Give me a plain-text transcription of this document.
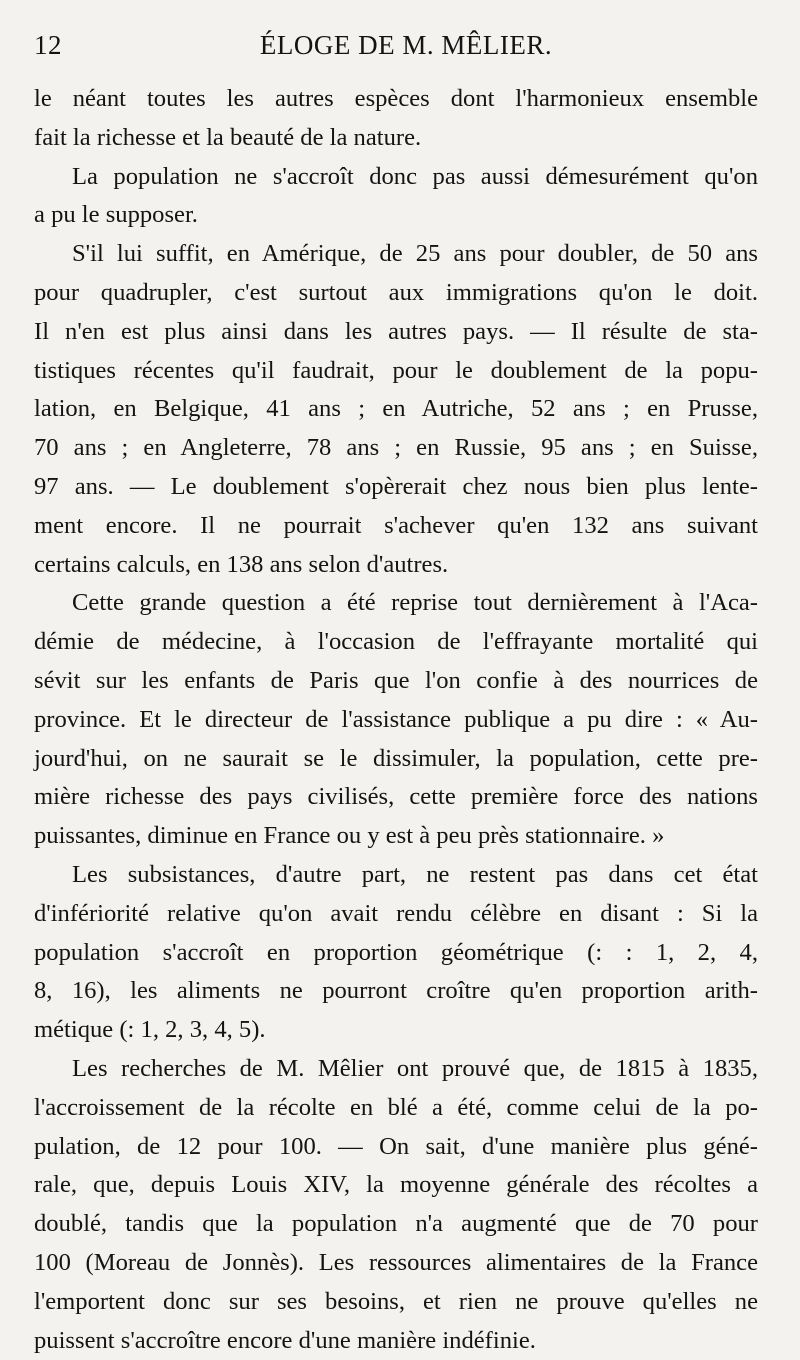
12	ÉLOGE DE M. MÊLIER.
le néant toutes les autres espèces dont l'harmonieux ensemble
fait la richesse et la beauté de la nature.
La population ne s'accroît donc pas aussi démesurément qu'on
a pu le supposer.
S'il lui suffit, en Amérique, de 25 ans pour doubler, de 50 ans
pour quadrupler, c'est surtout aux immigrations qu'on le doit.
Il n'en est plus ainsi dans les autres pays. — Il résulte de sta-
tistiques récentes qu'il faudrait, pour le doublement de la popu-
lation, en Belgique, 41 ans ; en Autriche, 52 ans ; en Prusse,
70 ans ; en Angleterre, 78 ans ; en Russie, 95 ans ; en Suisse,
97 ans. — Le doublement s'opèrerait chez nous bien plus lente-
ment encore. Il ne pourrait s'achever qu'en 132 ans suivant
certains calculs, en 138 ans selon d'autres.
Cette grande question a été reprise tout dernièrement à l'Aca-
démie de médecine, à l'occasion de l'effrayante mortalité qui
sévit sur les enfants de Paris que l'on confie à des nourrices de
province. Et le directeur de l'assistance publique a pu dire : « Au-
jourd'hui, on ne saurait se le dissimuler, la population, cette pre-
mière richesse des pays civilisés, cette première force des nations
puissantes, diminue en France ou y est à peu près stationnaire. »
Les subsistances, d'autre part, ne restent pas dans cet état
d'infériorité relative qu'on avait rendu célèbre en disant : Si la
population s'accroît en proportion géométrique (: : 1, 2, 4,
8, 16), les aliments ne pourront croître qu'en proportion arith-
métique (: 1, 2, 3, 4, 5).
Les recherches de M. Mêlier ont prouvé que, de 1815 à 1835,
l'accroissement de la récolte en blé a été, comme celui de la po-
pulation, de 12 pour 100. — On sait, d'une manière plus géné-
rale, que, depuis Louis XIV, la moyenne générale des récoltes a
doublé, tandis que la population n'a augmenté que de 70 pour
100 (Moreau de Jonnès). Les ressources alimentaires de la France
l'emportent donc sur ses besoins, et rien ne prouve qu'elles ne
puissent s'accroître encore d'une manière indéfinie.
